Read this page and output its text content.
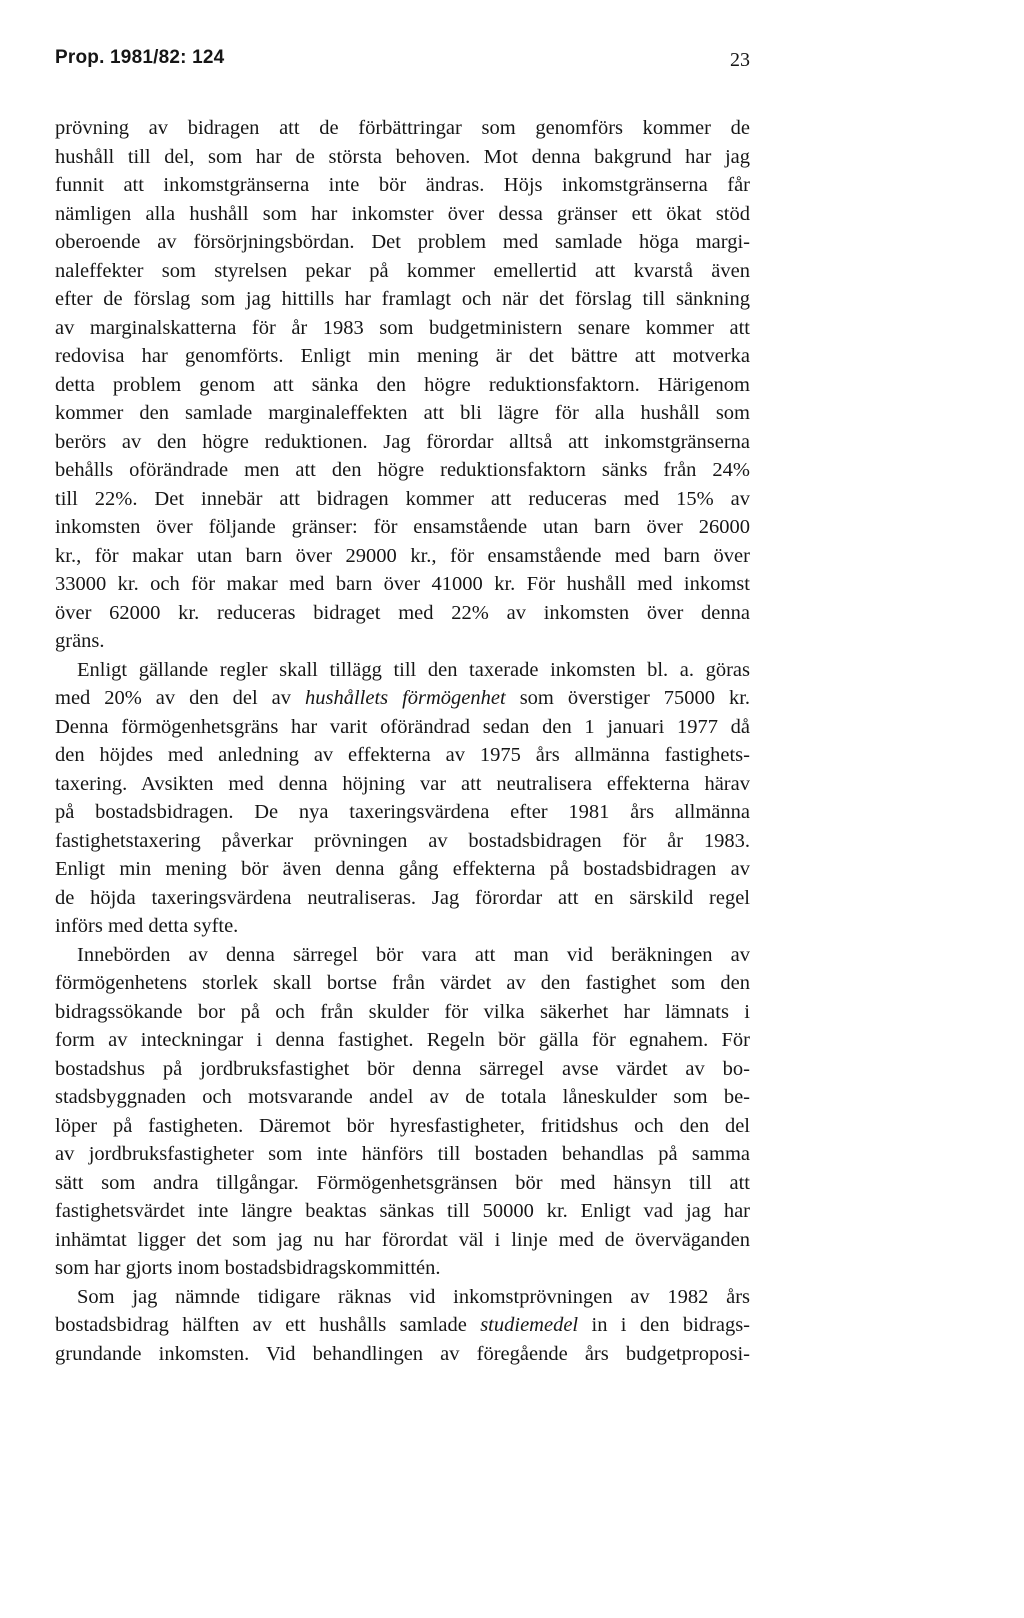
Prop. 1981/82: 124	23

prövning av bidragen att de förbättringar som genomförs kommer de
hushåll till del, som har de största behoven. Mot denna bakgrund har jag
funnit att inkomstgränserna inte bör ändras. Höjs inkomstgränserna får
nämligen alla hushåll som har inkomster över dessa gränser ett ökat stöd
oberoende av försörjningsbördan. Det problem med samlade höga margi-
naleffekter som styrelsen pekar på kommer emellertid att kvarstå även
efter de förslag som jag hittills har framlagt och när det förslag till sänkning
av marginalskatterna för år 1983 som budgetministern senare kommer att
redovisa har genomförts. Enligt min mening är det bättre att motverka
detta problem genom att sänka den högre reduktionsfaktorn. Härigenom
kommer den samlade marginaleffekten att bli lägre för alla hushåll som
berörs av den högre reduktionen. Jag förordar alltså att inkomstgränserna
behålls oförändrade men att den högre reduktionsfaktorn sänks från 24%
till 22%. Det innebär att bidragen kommer att reduceras med 15% av
inkomsten över följande gränser: för ensamstående utan barn över 26000
kr., för makar utan barn över 29000 kr., för ensamstående med barn över
33000 kr. och för makar med barn över 41000 kr. För hushåll med inkomst
över 62000 kr. reduceras bidraget med 22% av inkomsten över denna
gräns.

Enligt gällande regler skall tillägg till den taxerade inkomsten bl. a. göras
med 20% av den del av hushållets förmögenhet som överstiger 75000 kr.
Denna förmögenhetsgräns har varit oförändrad sedan den 1 januari 1977 då
den höjdes med anledning av effekterna av 1975 års allmänna fastighets-
taxering. Avsikten med denna höjning var att neutralisera effekterna härav
på bostadsbidragen. De nya taxeringsvärdena efter 1981 års allmänna
fastighetstaxering påverkar prövningen av bostadsbidragen för år 1983.
Enligt min mening bör även denna gång effekterna på bostadsbidragen av
de höjda taxeringsvärdena neutraliseras. Jag förordar att en särskild regel
införs med detta syfte.

Innebörden av denna särregel bör vara att man vid beräkningen av
förmögenhetens storlek skall bortse från värdet av den fastighet som den
bidragssökande bor på och från skulder för vilka säkerhet har lämnats i
form av inteckningar i denna fastighet. Regeln bör gälla för egnahem. För
bostadshus på jordbruksfastighet bör denna särregel avse värdet av bo-
stadsbyggnaden och motsvarande andel av de totala låneskulder som be-
löper på fastigheten. Däremot bör hyresfastigheter, fritidshus och den del
av jordbruksfastigheter som inte hänförs till bostaden behandlas på samma
sätt som andra tillgångar. Förmögenhetsgränsen bör med hänsyn till att
fastighetsvärdet inte längre beaktas sänkas till 50000 kr. Enligt vad jag har
inhämtat ligger det som jag nu har förordat väl i linje med de överväganden
som har gjorts inom bostadsbidragskommittén.

Som jag nämnde tidigare räknas vid inkomstprövningen av 1982 års
bostadsbidrag hälften av ett hushålls samlade studiemedel in i den bidrags-
grundande inkomsten. Vid behandlingen av föregående års budgetproposi-
